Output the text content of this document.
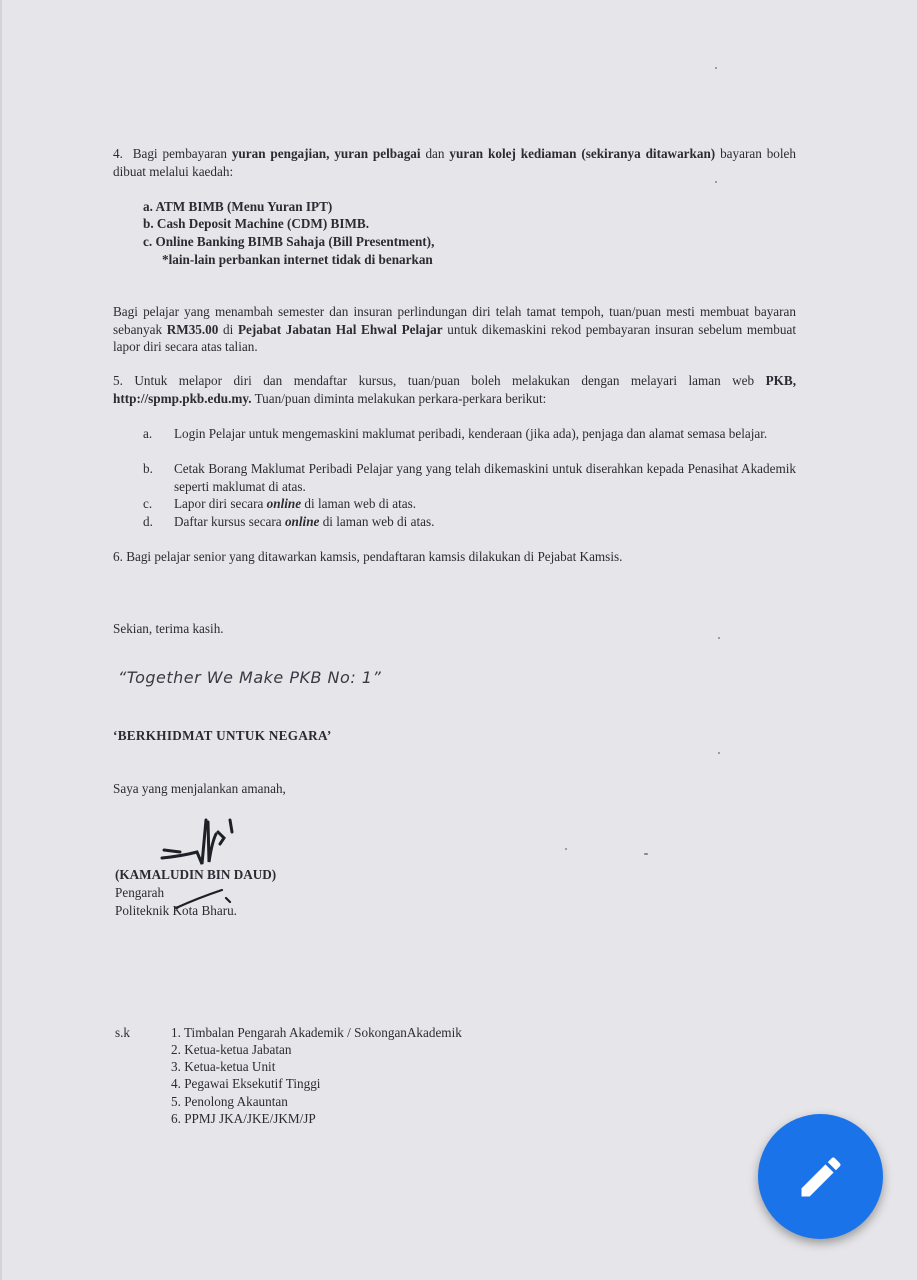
4. Bagi pembayaran yuran pengajian, yuran pelbagai dan yuran kolej kediaman (sekiranya ditawarkan) bayaran boleh dibuat melalui kaedah:
a. ATM BIMB (Menu Yuran IPT)
b. Cash Deposit Machine (CDM) BIMB.
c. Online Banking BIMB Sahaja (Bill Presentment),
*lain-lain perbankan internet tidak di benarkan
Bagi pelajar yang menambah semester dan insuran perlindungan diri telah tamat tempoh, tuan/puan mesti membuat bayaran sebanyak RM35.00 di Pejabat Jabatan Hal Ehwal Pelajar untuk dikemaskini rekod pembayaran insuran sebelum membuat lapor diri secara atas talian.
5. Untuk melapor diri dan mendaftar kursus, tuan/puan boleh melakukan dengan melayari laman web PKB, http://spmp.pkb.edu.my. Tuan/puan diminta melakukan perkara-perkara berikut:
a. Login Pelajar untuk mengemaskini maklumat peribadi, kenderaan (jika ada), penjaga dan alamat semasa belajar.
b. Cetak Borang Maklumat Peribadi Pelajar yang yang telah dikemaskini untuk diserahkan kepada Penasihat Akademik seperti maklumat di atas.
c. Lapor diri secara online di laman web di atas.
d. Daftar kursus secara online di laman web di atas.
6. Bagi pelajar senior yang ditawarkan kamsis, pendaftaran kamsis dilakukan di Pejabat Kamsis.
Sekian, terima kasih.
“Together We Make PKB No: 1”
‘BERKHIDMAT UNTUK NEGARA’
Saya yang menjalankan amanah,
(KAMALUDIN BIN DAUD)
Pengarah
Politeknik Kota Bharu.
s.k	1. Timbalan Pengarah Akademik / SokonganAkademik
2. Ketua-ketua Jabatan
3. Ketua-ketua Unit
4. Pegawai Eksekutif Tinggi
5. Penolong Akauntan
6. PPMJ JKA/JKE/JKM/JP
